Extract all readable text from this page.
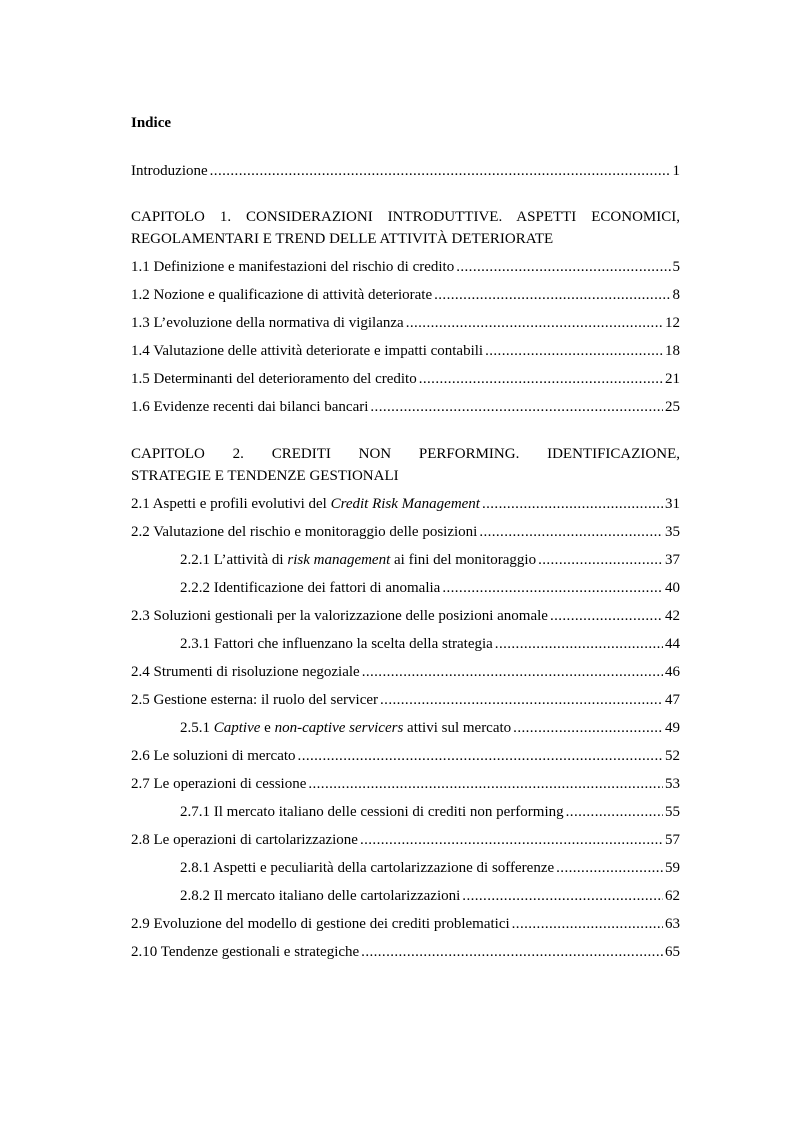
Indice
Introduzione .....	1
CAPITOLO 1. CONSIDERAZIONI INTRODUTTIVE. ASPETTI ECONOMICI,
REGOLAMENTARI E TREND DELLE ATTIVITÀ DETERIORATE
1.1 Definizione e manifestazioni del rischio di credito .....	5
1.2 Nozione e qualificazione di attività deteriorate .....	8
1.3 L’evoluzione della normativa di vigilanza .....	12
1.4 Valutazione delle attività deteriorate e impatti contabili .....	18
1.5 Determinanti del deterioramento del credito .....	21
1.6 Evidenze recenti dai bilanci bancari .....	25
CAPITOLO 2. CREDITI NON PERFORMING. IDENTIFICAZIONE,
STRATEGIE E TENDENZE GESTIONALI
2.1 Aspetti e profili evolutivi del Credit Risk Management .....	31
2.2 Valutazione del rischio e monitoraggio delle posizioni .....	35
2.2.1 L’attività di risk management ai fini del monitoraggio .....	37
2.2.2 Identificazione dei fattori di anomalia .....	40
2.3 Soluzioni gestionali per la valorizzazione delle posizioni anomale .....	42
2.3.1 Fattori che influenzano la scelta della strategia .....	44
2.4 Strumenti di risoluzione negoziale .....	46
2.5 Gestione esterna: il ruolo del servicer .....	47
2.5.1 Captive e non-captive servicers attivi sul mercato .....	49
2.6 Le soluzioni di mercato .....	52
2.7 Le operazioni di cessione .....	53
2.7.1 Il mercato italiano delle cessioni di crediti non performing .....	55
2.8 Le operazioni di cartolarizzazione .....	57
2.8.1 Aspetti e peculiarità della cartolarizzazione di sofferenze .....	59
2.8.2 Il mercato italiano delle cartolarizzazioni .....	62
2.9 Evoluzione del modello di gestione dei crediti problematici .....	63
2.10 Tendenze gestionali e strategiche .....	65
